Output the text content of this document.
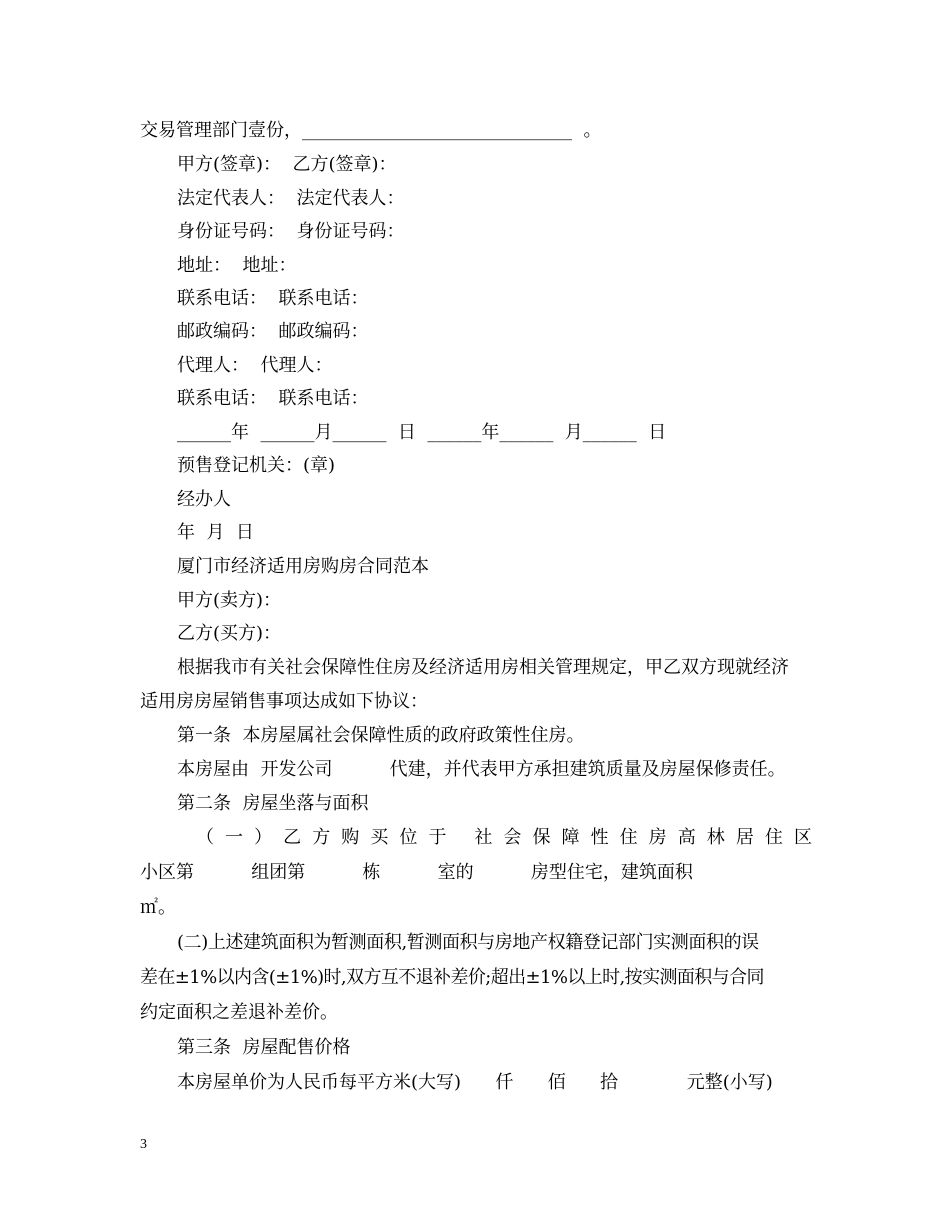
交易管理部门壹份，______________________________  。
甲方(签章)：  乙方(签章)：
法定代表人：  法定代表人：
身份证号码：  身份证号码：
地址：  地址：
联系电话：  联系电话：
邮政编码：  邮政编码：
代理人：  代理人：
联系电话：  联系电话：
______年  ______月______  日  ______年______  月______  日
预售登记机关：(章)
经办人
年  月  日
厦门市经济适用房购房合同范本
甲方(卖方)：
乙方(买方)：
根据我市有关社会保障性住房及经济适用房相关管理规定，甲乙双方现就经济
适用房房屋销售事项达成如下协议：
第一条  本房屋属社会保障性质的政府政策性住房。
本房屋由  开发公司          代建，并代表甲方承担建筑质量及房屋保修责任。
第二条  房屋坐落与面积
（一）乙方购买位于 社会保障性住房高林居住区
小区第          组团第          栋          室的          房型住宅，建筑面积
㎡。
(二)上述建筑面积为暂测面积,暂测面积与房地产权籍登记部门实测面积的误
差在±1%以内含(±1%)时,双方互不退补差价;超出±1%以上时,按实测面积与合同
约定面积之差退补差价。
第三条  房屋配售价格
本房屋单价为人民币每平方米(大写)      仟      佰      拾            元整(小写)
3
